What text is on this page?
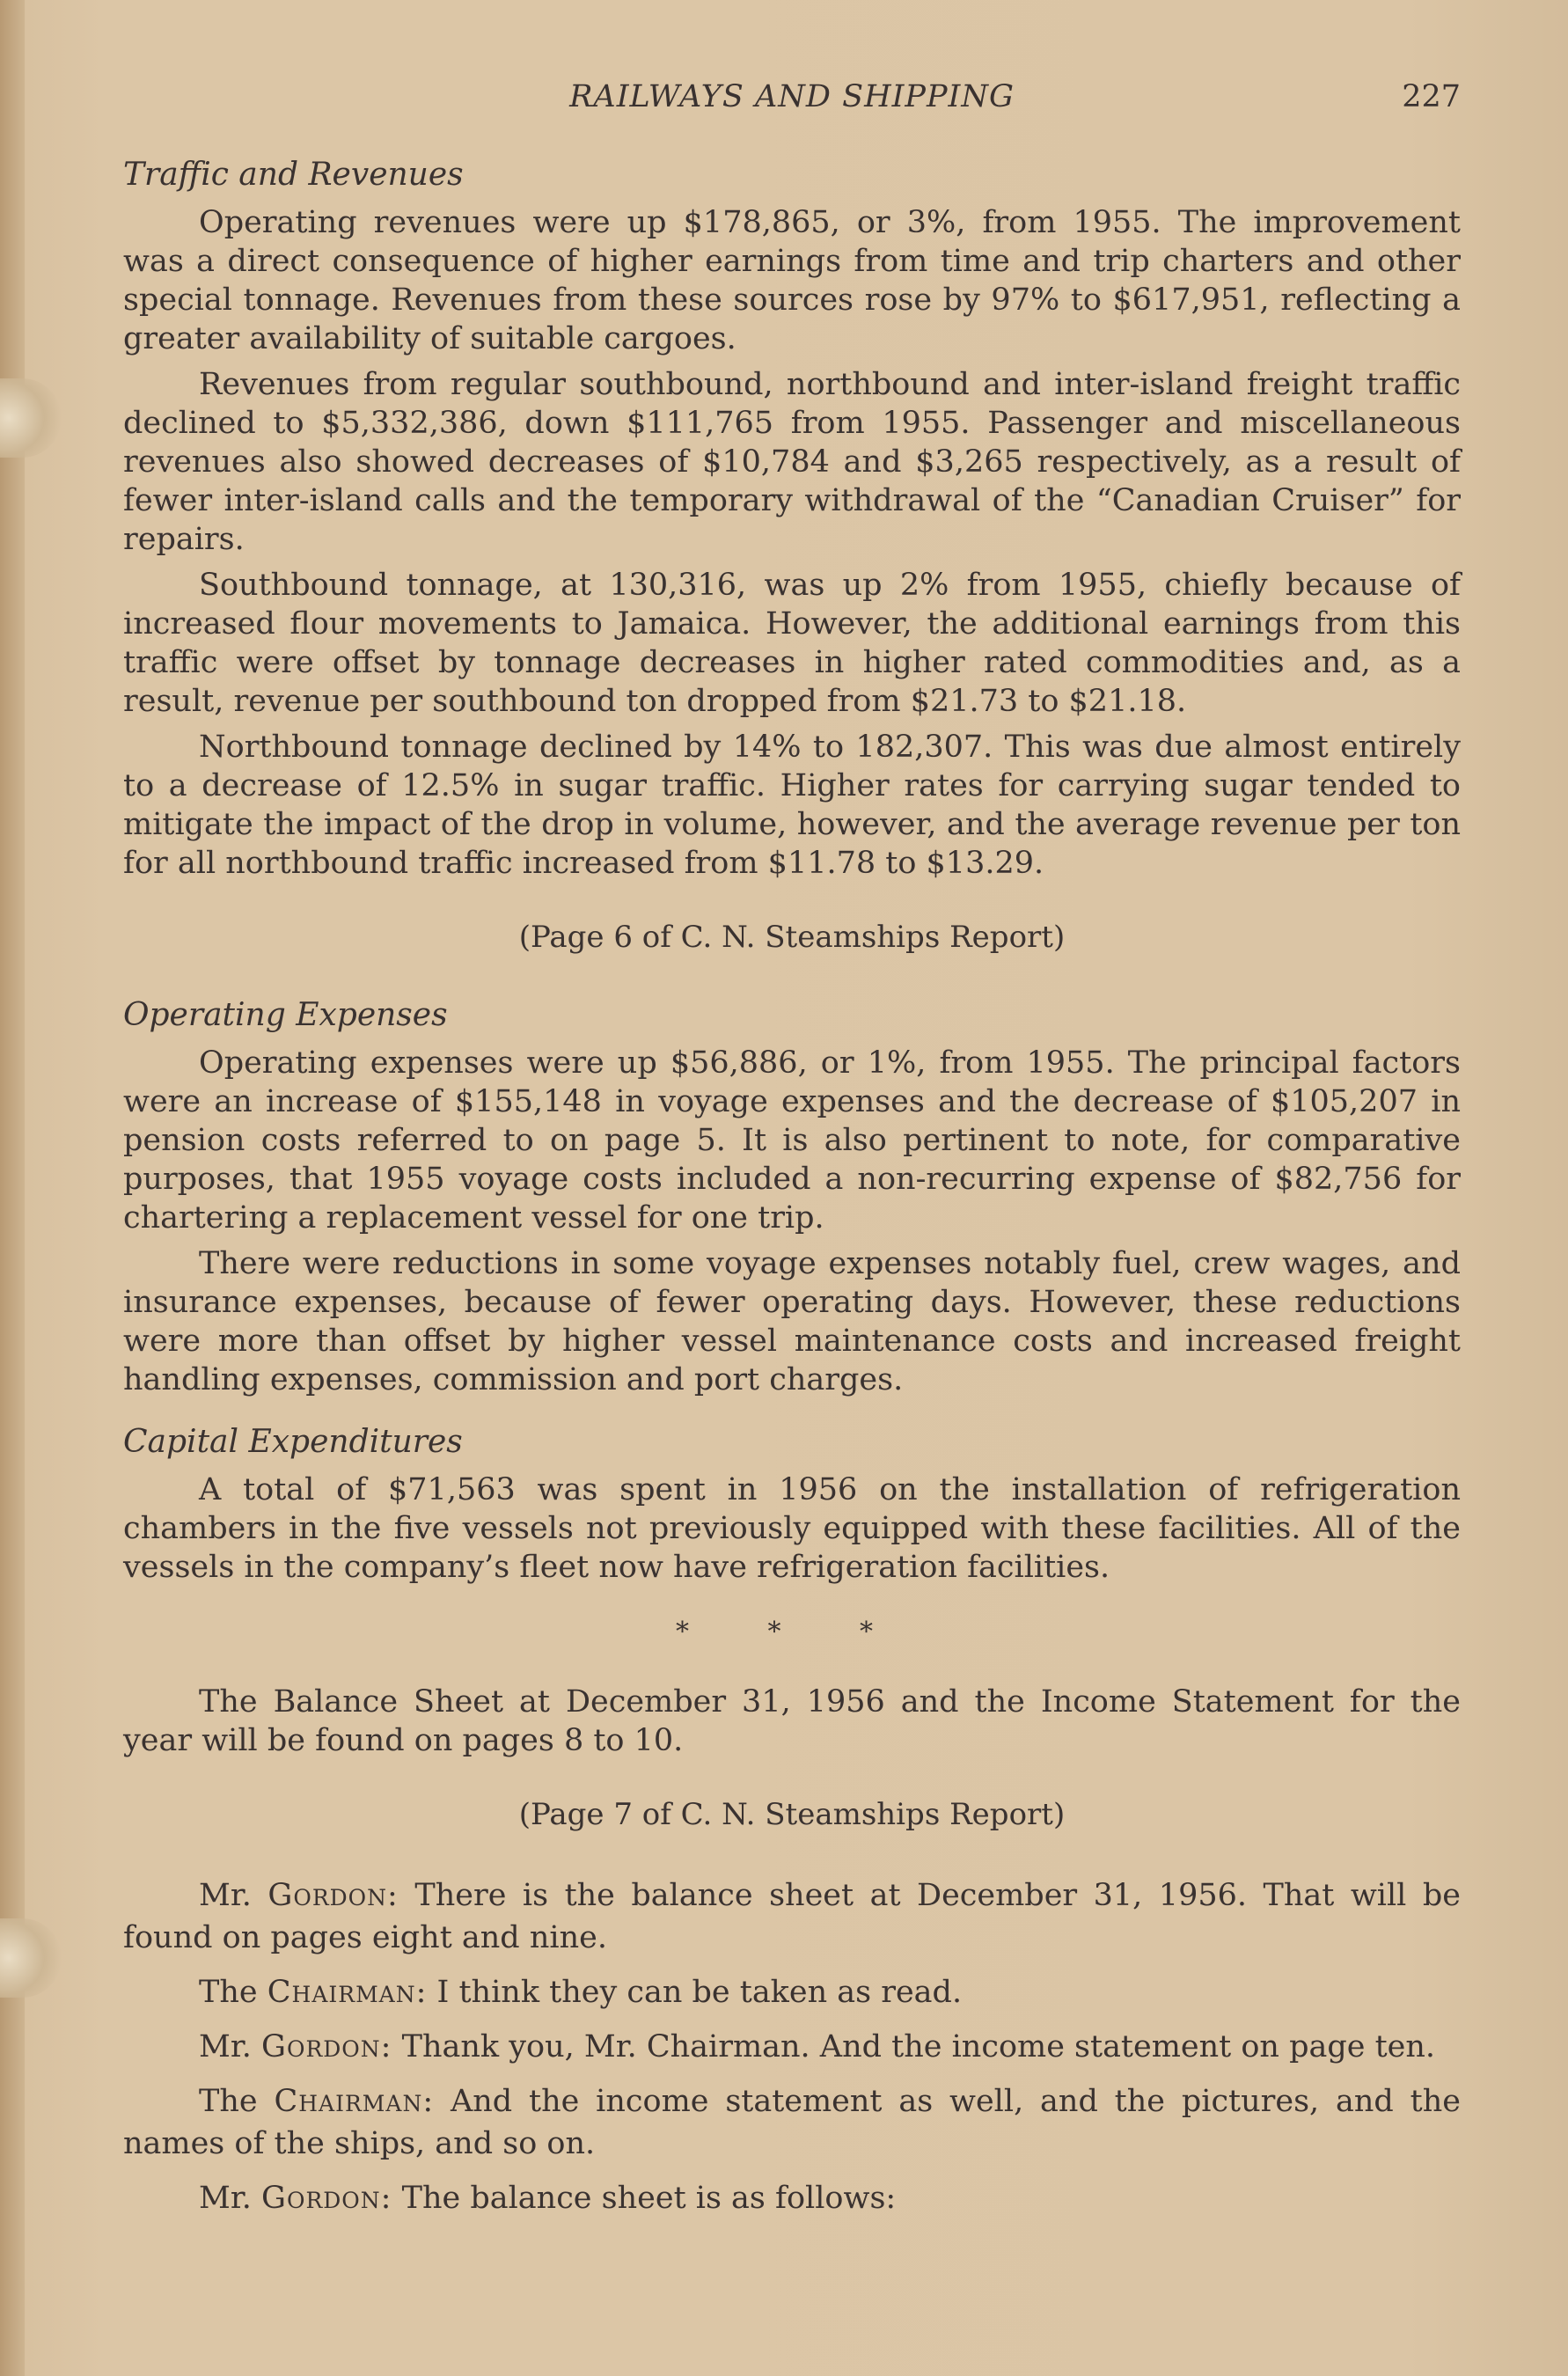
RAILWAYS AND SHIPPING	227
Traffic and Revenues

Operating revenues were up $178,865, or 3%, from 1955. The improvement was a direct consequence of higher earnings from time and trip charters and other special tonnage. Revenues from these sources rose by 97% to $617,951, reflecting a greater availability of suitable cargoes.

Revenues from regular southbound, northbound and inter-island freight traffic declined to $5,332,386, down $111,765 from 1955. Passenger and miscellaneous revenues also showed decreases of $10,784 and $3,265 respectively, as a result of fewer inter-island calls and the temporary withdrawal of the “Canadian Cruiser” for repairs.

Southbound tonnage, at 130,316, was up 2% from 1955, chiefly because of increased flour movements to Jamaica. However, the additional earnings from this traffic were offset by tonnage decreases in higher rated commodities and, as a result, revenue per southbound ton dropped from $21.73 to $21.18.

Northbound tonnage declined by 14% to 182,307. This was due almost entirely to a decrease of 12.5% in sugar traffic. Higher rates for carrying sugar tended to mitigate the impact of the drop in volume, however, and the average revenue per ton for all northbound traffic increased from $11.78 to $13.29.

(Page 6 of C. N. Steamships Report)
Operating Expenses

Operating expenses were up $56,886, or 1%, from 1955. The principal factors were an increase of $155,148 in voyage expenses and the decrease of $105,207 in pension costs referred to on page 5. It is also pertinent to note, for comparative purposes, that 1955 voyage costs included a non-recurring expense of $82,756 for chartering a replacement vessel for one trip.

There were reductions in some voyage expenses notably fuel, crew wages, and insurance expenses, because of fewer operating days. However, these reductions were more than offset by higher vessel maintenance costs and increased freight handling expenses, commission and port charges.

Capital Expenditures

A total of $71,563 was spent in 1956 on the installation of refrigeration chambers in the five vessels not previously equipped with these facilities. All of the vessels in the company’s fleet now have refrigeration facilities.

* * *

The Balance Sheet at December 31, 1956 and the Income Statement for the year will be found on pages 8 to 10.

(Page 7 of C. N. Steamships Report)

Mr. Gordon: There is the balance sheet at December 31, 1956. That will be found on pages eight and nine.

The Chairman: I think they can be taken as read.

Mr. Gordon: Thank you, Mr. Chairman. And the income statement on page ten.

The Chairman: And the income statement as well, and the pictures, and the names of the ships, and so on.

Mr. Gordon: The balance sheet is as follows:
